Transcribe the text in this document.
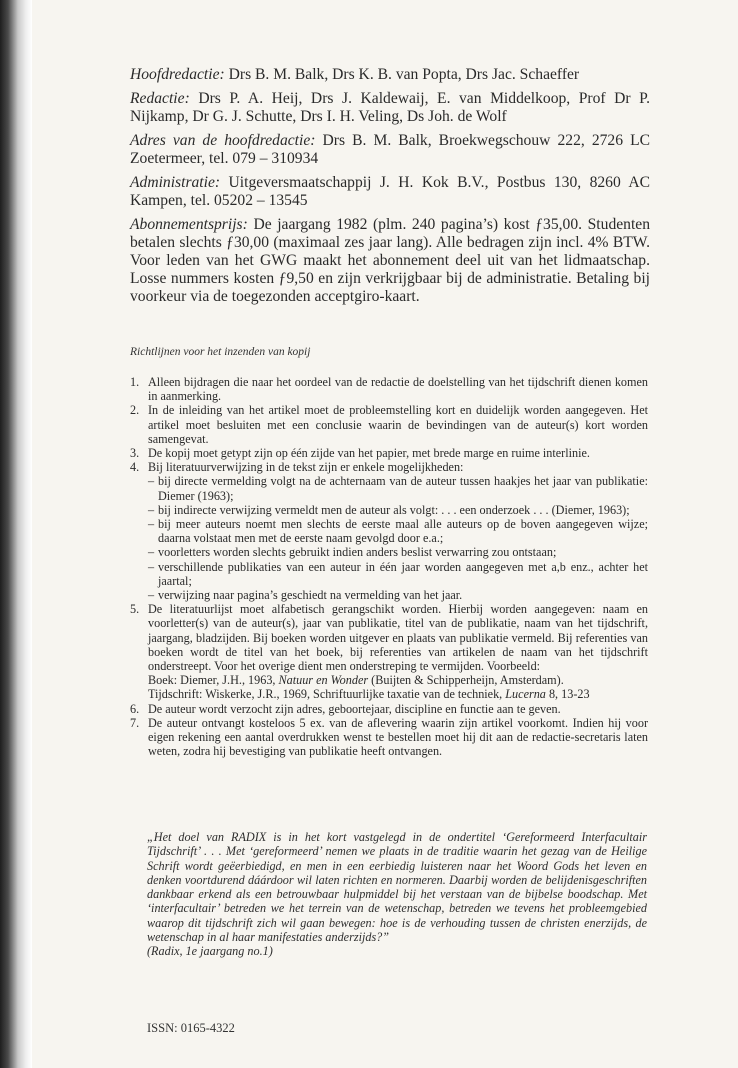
Hoofdredactie: Drs B. M. Balk, Drs K. B. van Popta, Drs Jac. Schaeffer

Redactie: Drs P. A. Heij, Drs J. Kaldewaij, E. van Middelkoop, Prof Dr P. Nijkamp, Dr G. J. Schutte, Drs I. H. Veling, Ds Joh. de Wolf

Adres van de hoofdredactie: Drs B. M. Balk, Broekwegschouw 222, 2726 LC Zoetermeer, tel. 079 – 310934

Administratie: Uitgeversmaatschappij J. H. Kok B.V., Postbus 130, 8260 AC Kampen, tel. 05202 – 13545

Abonnementsprijs: De jaargang 1982 (plm. 240 pagina’s) kost ƒ35,00. Studenten betalen slechts ƒ30,00 (maximaal zes jaar lang). Alle bedragen zijn incl. 4% BTW. Voor leden van het GWG maakt het abonnement deel uit van het lidmaatschap. Losse nummers kosten ƒ9,50 en zijn verkrijgbaar bij de administratie. Betaling bij voorkeur via de toegezonden acceptgiro-kaart.

Richtlijnen voor het inzenden van kopij
1. Alleen bijdragen die naar het oordeel van de redactie de doelstelling van het tijdschrift dienen komen in aanmerking.
2. In de inleiding van het artikel moet de probleemstelling kort en duidelijk worden aangegeven. Het artikel moet besluiten met een conclusie waarin de bevindingen van de auteur(s) kort worden samengevat.
3. De kopij moet getypt zijn op één zijde van het papier, met brede marge en ruime interlinie.
4. Bij literatuurverwijzing in de tekst zijn er enkele mogelijkheden:
– bij directe vermelding volgt na de achternaam van de auteur tussen haakjes het jaar van publikatie: Diemer (1963);
– bij indirecte verwijzing vermeldt men de auteur als volgt: . . . een onderzoek . . . (Diemer, 1963);
– bij meer auteurs noemt men slechts de eerste maal alle auteurs op de boven aangegeven wijze; daarna volstaat men met de eerste naam gevolgd door e.a.;
– voorletters worden slechts gebruikt indien anders beslist verwarring zou ontstaan;
– verschillende publikaties van een auteur in één jaar worden aangegeven met a,b enz., achter het jaartal;
– verwijzing naar pagina’s geschiedt na vermelding van het jaar.
5. De literatuurlijst moet alfabetisch gerangschikt worden. Hierbij worden aangegeven: naam en voorletter(s) van de auteur(s), jaar van publikatie, titel van de publikatie, naam van het tijdschrift, jaargang, bladzijden. Bij boeken worden uitgever en plaats van publikatie vermeld. Bij referenties van boeken wordt de titel van het boek, bij referenties van artikelen de naam van het tijdschrift onderstreept. Voor het overige dient men onderstreping te vermijden. Voorbeeld:
Boek: Diemer, J.H., 1963, Natuur en Wonder (Buijten & Schipperheijn, Amsterdam).
Tijdschrift: Wiskerke, J.R., 1969, Schriftuurlijke taxatie van de techniek, Lucerna 8, 13-23
6. De auteur wordt verzocht zijn adres, geboortejaar, discipline en functie aan te geven.
7. De auteur ontvangt kosteloos 5 ex. van de aflevering waarin zijn artikel voorkomt. Indien hij voor eigen rekening een aantal overdrukken wenst te bestellen moet hij dit aan de redactie-secretaris laten weten, zodra hij bevestiging van publikatie heeft ontvangen.

„Het doel van RADIX is in het kort vastgelegd in de ondertitel ‘Gereformeerd Interfacultair Tijdschrift’ . . . Met ‘gereformeerd’ nemen we plaats in de traditie waarin het gezag van de Heilige Schrift wordt geëerbiedigd, en men in een eerbiedig luisteren naar het Woord Gods het leven en denken voortdurend dáárdoor wil laten richten en normeren. Daarbij worden de belijdenisgeschriften dankbaar erkend als een betrouwbaar hulpmiddel bij het verstaan van de bijbelse boodschap. Met ‘interfacultair’ betreden we het terrein van de wetenschap, betreden we tevens het probleemgebied waarop dit tijdschrift zich wil gaan bewegen: hoe is de verhouding tussen de christen enerzijds, de wetenschap in al haar manifestaties anderzijds?”

(Radix, 1e jaargang no.1)

ISSN: 0165-4322
